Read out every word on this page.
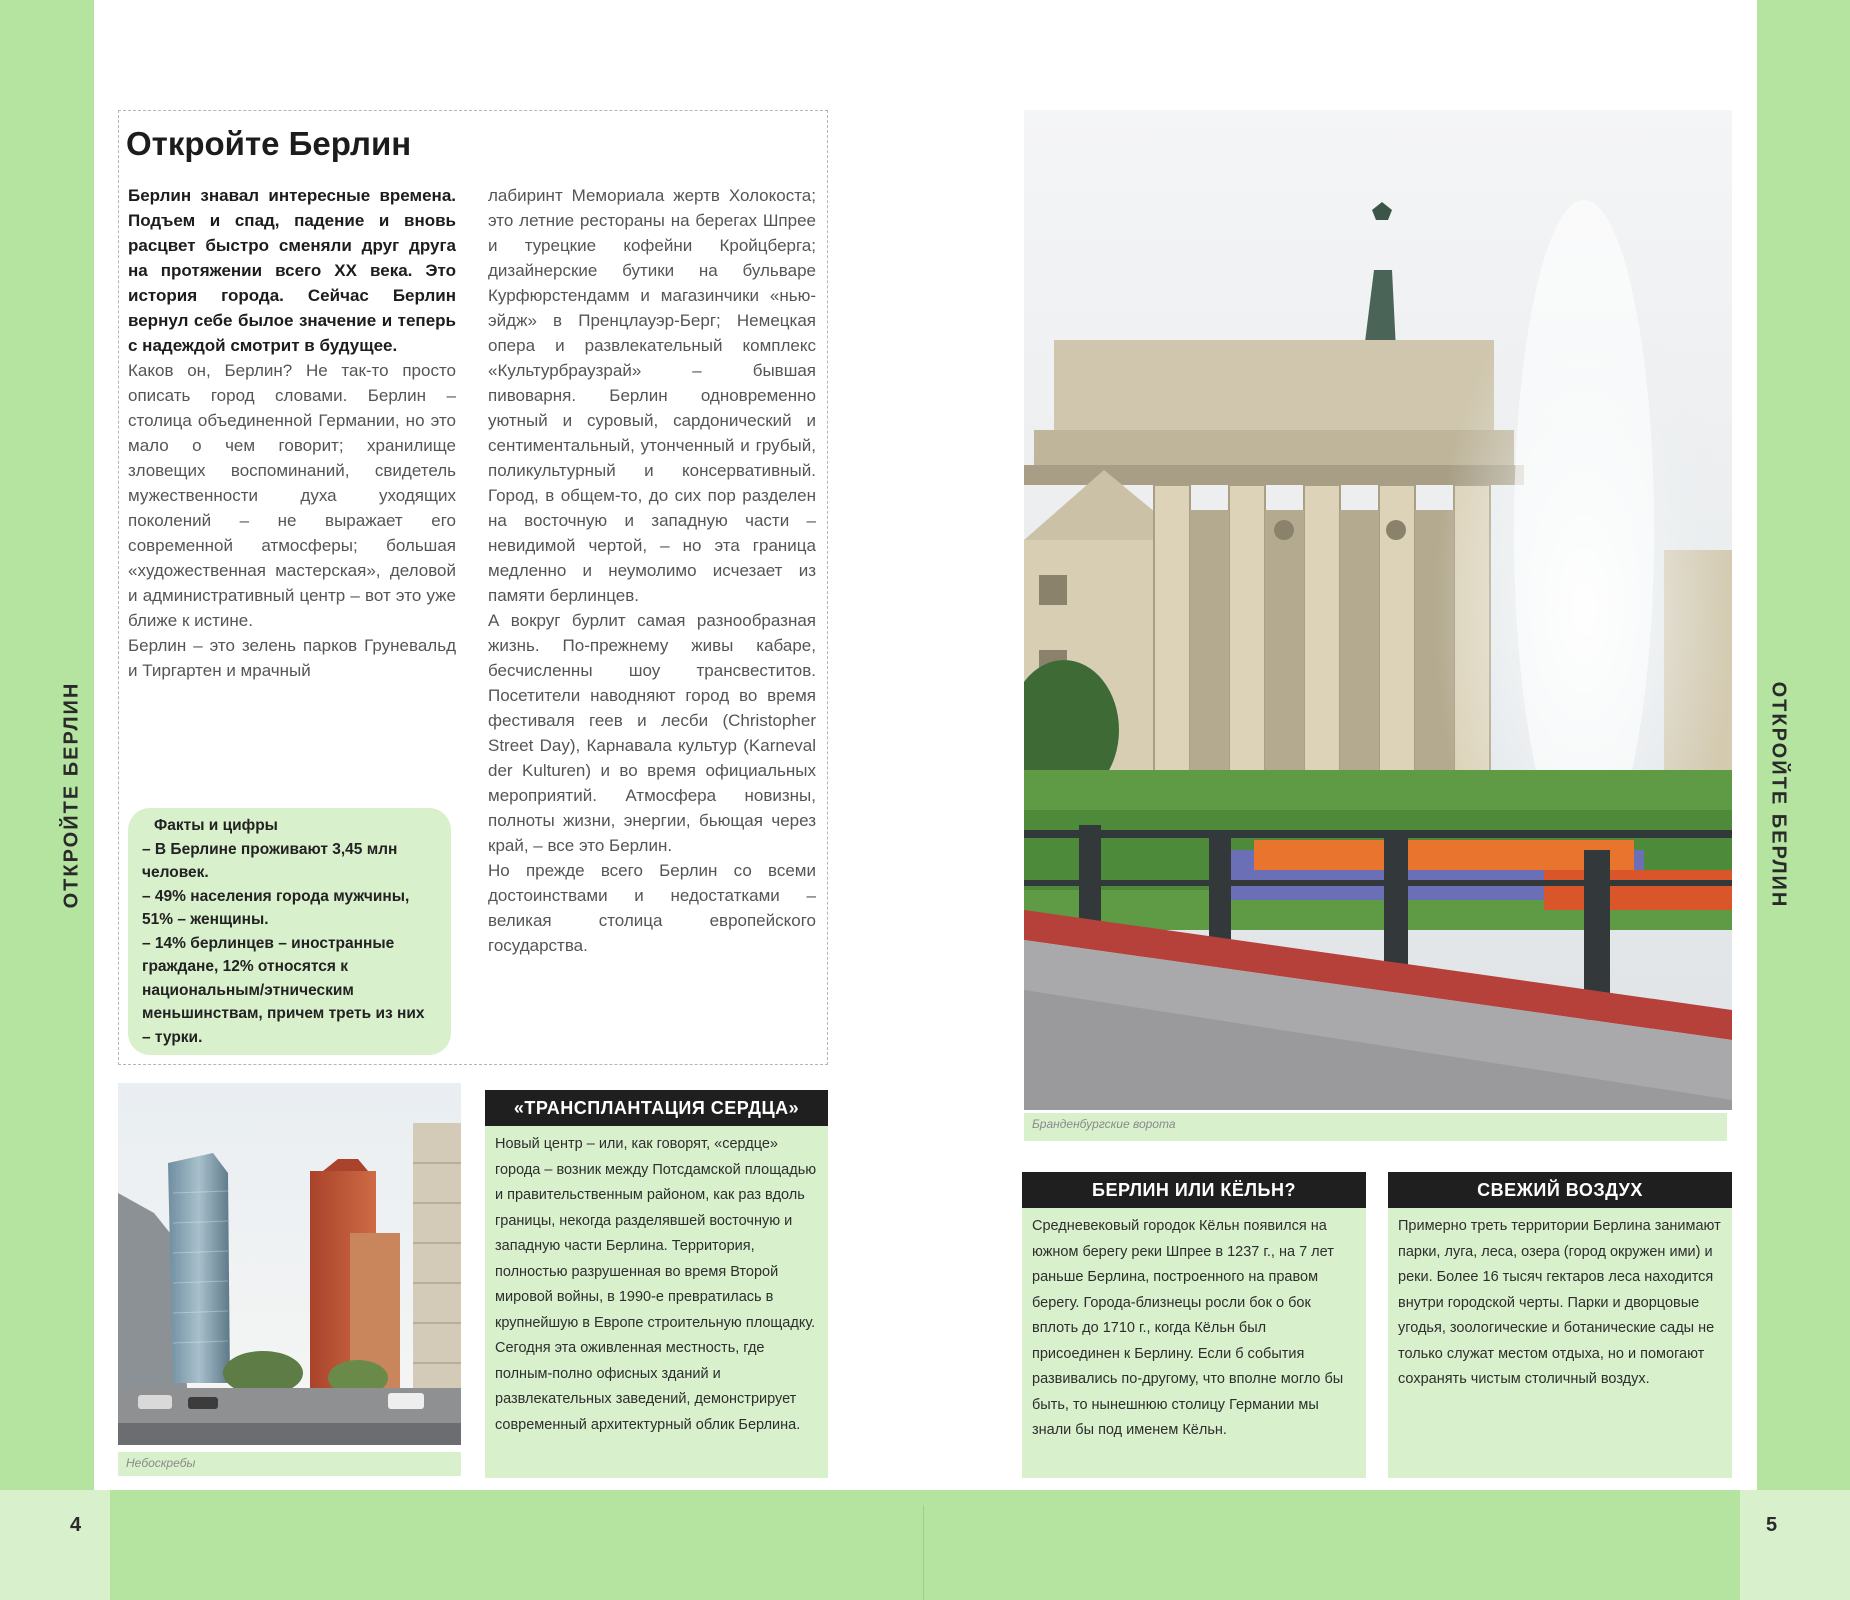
4	5
ОТКРОЙТЕ БЕРЛИН	ОТКРОЙТЕ БЕРЛИН
Откройте Берлин

Берлин знавал интересные времена. Подъем и спад, падение и вновь расцвет быстро сменяли друг друга на протяжении всего XX века. Это история города. Сейчас Берлин вернул себе былое значение и теперь с надеждой смотрит в будущее.

Каков он, Берлин? Не так-то просто описать город словами. Берлин – столица объединенной Германии, но это мало о чем говорит; хранилище зловещих воспоминаний, свидетель мужественности духа уходящих поколений – не выражает его современной атмосферы; большая «художественная мастерская», деловой и административный центр – вот это уже ближе к истине.

Берлин – это зелень парков Груневальд и Тиргартен и мрачный

лабиринт Мемориала жертв Холокоста; это летние рестораны на берегах Шпрее и турецкие кофейни Кройцберга; дизайнерские бутики на бульваре Курфюрстендамм и магазинчики «нью-эйдж» в Пренцлауэр-Берг; Немецкая опера и развлекательный комплекс «Культурбраузрай» – бывшая пивоварня. Берлин одновременно уютный и суровый, сардонический и сентиментальный, утонченный и грубый, поликультурный и консервативный. Город, в общем-то, до сих пор разделен на восточную и западную части – невидимой чертой, – но эта граница медленно и неумолимо исчезает из памяти берлинцев.

А вокруг бурлит самая разнообразная жизнь. По-прежнему живы кабаре, бесчисленны шоу трансвеститов. Посетители наводняют город во время фестиваля геев и лесби (Christopher Street Day), Карнавала культур (Karneval der Kulturen) и во время официальных мероприятий. Атмосфера новизны, полноты жизни, энергии, бьющая через край, – все это Берлин.

Но прежде всего Берлин со всеми достоинствами и недостатками – великая столица европейского государства.

Факты и цифры

– В Берлине проживают 3,45 млн человек.

– 49% населения города мужчины, 51% – женщины.

– 14% берлинцев – иностранные граждане, 12% относятся к национальным/этническим меньшинствам, причем треть из них – турки.

Небоскребы
«ТРАНСПЛАНТАЦИЯ СЕРДЦА»
Новый центр – или, как говорят, «сердце» города – возник между Потсдамской площадью и правительственным районом, как раз вдоль границы, некогда разделявшей восточную и западную части Берлина. Территория, полностью разрушенная во время Второй мировой войны, в 1990-е превратилась в крупнейшую в Европе строительную площадку. Сегодня эта оживленная местность, где полным-полно офисных зданий и развлекательных заведений, демонстрирует современный архитектурный облик Берлина.
Бранденбургские ворота
БЕРЛИН ИЛИ КЁЛЬН?
Средневековый городок Кёльн появился на южном берегу реки Шпрее в 1237 г., на 7 лет раньше Берлина, построенного на правом берегу. Города-близнецы росли бок о бок вплоть до 1710 г., когда Кёльн был присоединен к Берлину. Если б события развивались по-другому, что вполне могло бы быть, то нынешнюю столицу Германии мы знали бы под именем Кёльн.
СВЕЖИЙ ВОЗДУХ
Примерно треть территории Берлина занимают парки, луга, леса, озера (город окружен ими) и реки. Более 16 тысяч гектаров леса находится внутри городской черты. Парки и дворцовые угодья, зоологические и ботанические сады не только служат местом отдыха, но и помогают сохранять чистым столичный воздух.
